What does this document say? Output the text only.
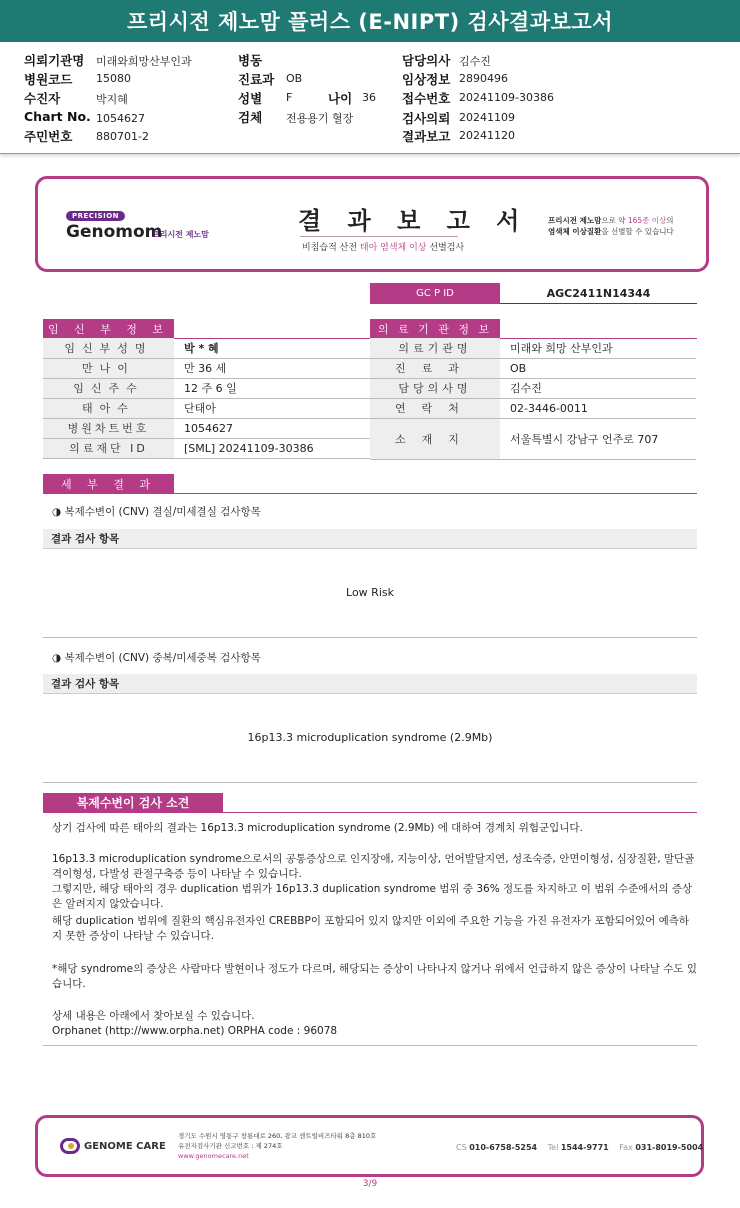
프리시전 제노맘 플러스 (E-NIPT) 검사결과보고서
의뢰기관명 미래와희망산부인과
병원코드 15080
수진자	박지혜
Chart No. 1054627
주민번호 880701-2
병동
진료과 OB
성별 F	나이 36
검체 전용용기 혈장
담당의사 김수진
임상정보 2890496
접수번호 20241109-30386
검사의뢰 20241109
결과보고 20241120
PRECISION
Genomom
프리시전 제노맘	결 과 보 고 서
비침습적 산전 태아 염색체 이상 선별검사
프리시전 제노맘으로 약 165종 이상의
염색체 이상질환을 선별할 수 있습니다
GC P ID	AGC2411N14344
임 신 부 정 보
임신부성명	박 * 혜
만나이	만 36 세
임신주수	12 주 6 일
태아수	단태아
병원차트번호	1054627
의료재단 ID	[SML] 20241109-30386
의 료 기 관 정 보
의료기관명	미래와 희망 산부인과
진료과	OB
담당의사명	김수진
연락처	02-3446-0011
소재지	서울특별시 강남구 언주로 707
세 부 결 과
◑ 복제수변이 (CNV) 결실/미세결실 검사항목
결과 검사 항목
Low Risk
◑ 복제수변이 (CNV) 중복/미세중복 검사항목
결과 검사 항목
16p13.3 microduplication syndrome (2.9Mb)
복제수변이 검사 소견
상기 검사에 따른 태아의 결과는 16p13.3 microduplication syndrome (2.9Mb) 에 대하여 경계치 위험군입니다.
16p13.3 microduplication syndrome으로서의 공통증상으로 인지장애, 지능이상, 언어발달지연, 성조숙증, 안면이형성, 심장질환, 말단골격이형성, 다발성 관절구축증 등이 나타날 수 있습니다.
그렇지만, 해당 태아의 경우 duplication 범위가 16p13.3 duplication syndrome 범위 중 36% 정도를 차지하고 이 범위 수준에서의 증상은 알려지지 않았습니다.
해당 duplication 범위에 질환의 핵심유전자인 CREBBP이 포함되어 있지 않지만 이외에 주요한 기능을 가진 유전자가 포함되어있어 예측하지 못한 증상이 나타날 수 있습니다.
*해당 syndrome의 증상은 사람마다 발현이나 정도가 다르며, 해당되는 증상이 나타나지 않거나 위에서 언급하지 않은 증상이 나타날 수도 있습니다.
상세 내용은 아래에서 찾아보실 수 있습니다.
Orphanet (http://www.orpha.net) ORPHA code : 96078
GENOME CARE
경기도 수원시 영통구 창룡대로 260, 광교 센트럴비즈타워 8층 810호
유전자검사기관 신고번호 : 제 274호
www.genomecare.net
CS 010-6758-5254 Tel 1544-9771 Fax 031-8019-5004
3/9
